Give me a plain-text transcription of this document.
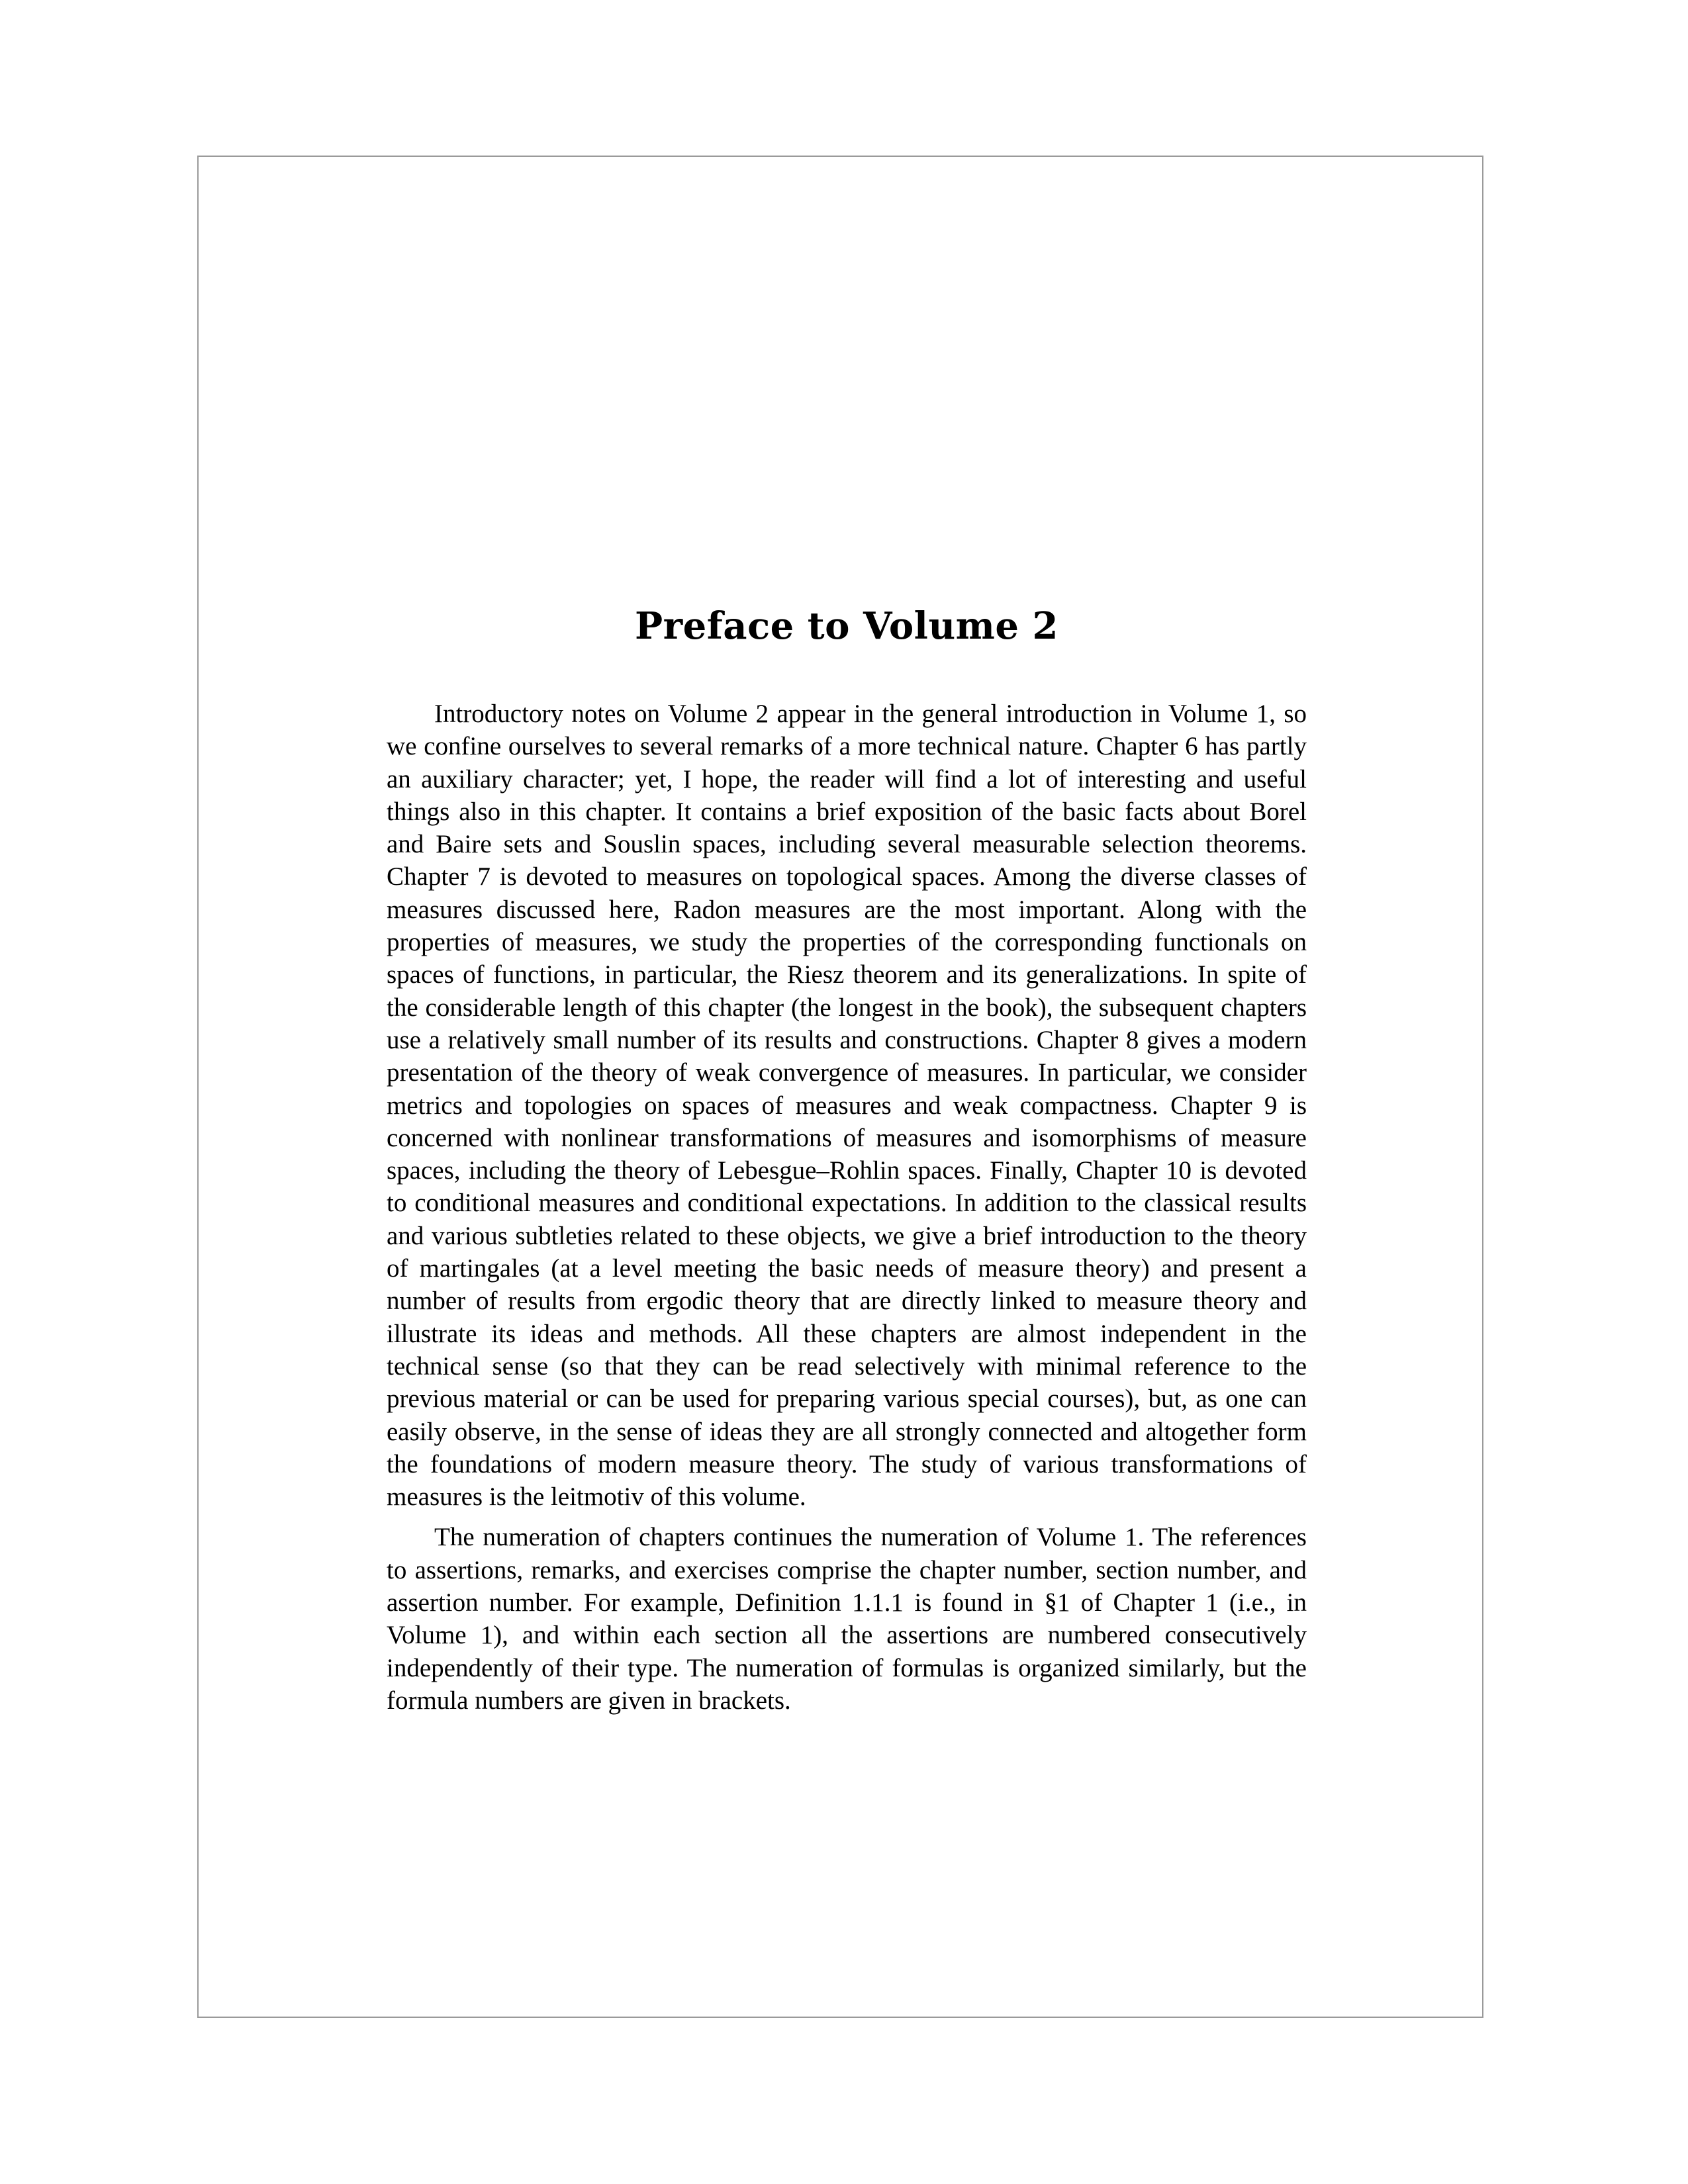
Preface to Volume 2

Introductory notes on Volume 2 appear in the general introduction in Volume 1, so we confine ourselves to several remarks of a more technical nature. Chapter 6 has partly an auxiliary character; yet, I hope, the reader will find a lot of interesting and useful things also in this chapter. It contains a brief exposition of the basic facts about Borel and Baire sets and Souslin spaces, including several measurable selection theorems. Chapter 7 is devoted to measures on topological spaces. Among the diverse classes of measures discussed here, Radon measures are the most important. Along with the properties of measures, we study the properties of the corresponding functionals on spaces of functions, in particular, the Riesz theorem and its generalizations. In spite of the considerable length of this chapter (the longest in the book), the subsequent chapters use a relatively small number of its results and constructions. Chapter 8 gives a modern presentation of the theory of weak convergence of measures. In particular, we consider metrics and topologies on spaces of measures and weak compactness. Chapter 9 is concerned with nonlinear transformations of measures and isomorphisms of measure spaces, including the theory of Lebesgue–Rohlin spaces. Finally, Chapter 10 is devoted to conditional measures and conditional expectations. In addition to the classical results and various subtleties related to these objects, we give a brief introduction to the theory of martingales (at a level meeting the basic needs of measure theory) and present a number of results from ergodic theory that are directly linked to measure theory and illustrate its ideas and methods. All these chapters are almost independent in the technical sense (so that they can be read selectively with minimal reference to the previous material or can be used for preparing various special courses), but, as one can easily observe, in the sense of ideas they are all strongly connected and altogether form the foundations of modern measure theory. The study of various transformations of measures is the leitmotiv of this volume.

The numeration of chapters continues the numeration of Volume 1. The references to assertions, remarks, and exercises comprise the chapter number, section number, and assertion number. For example, Definition 1.1.1 is found in §1 of Chapter 1 (i.e., in Volume 1), and within each section all the assertions are numbered consecutively independently of their type. The numeration of formulas is organized similarly, but the formula numbers are given in brackets.
